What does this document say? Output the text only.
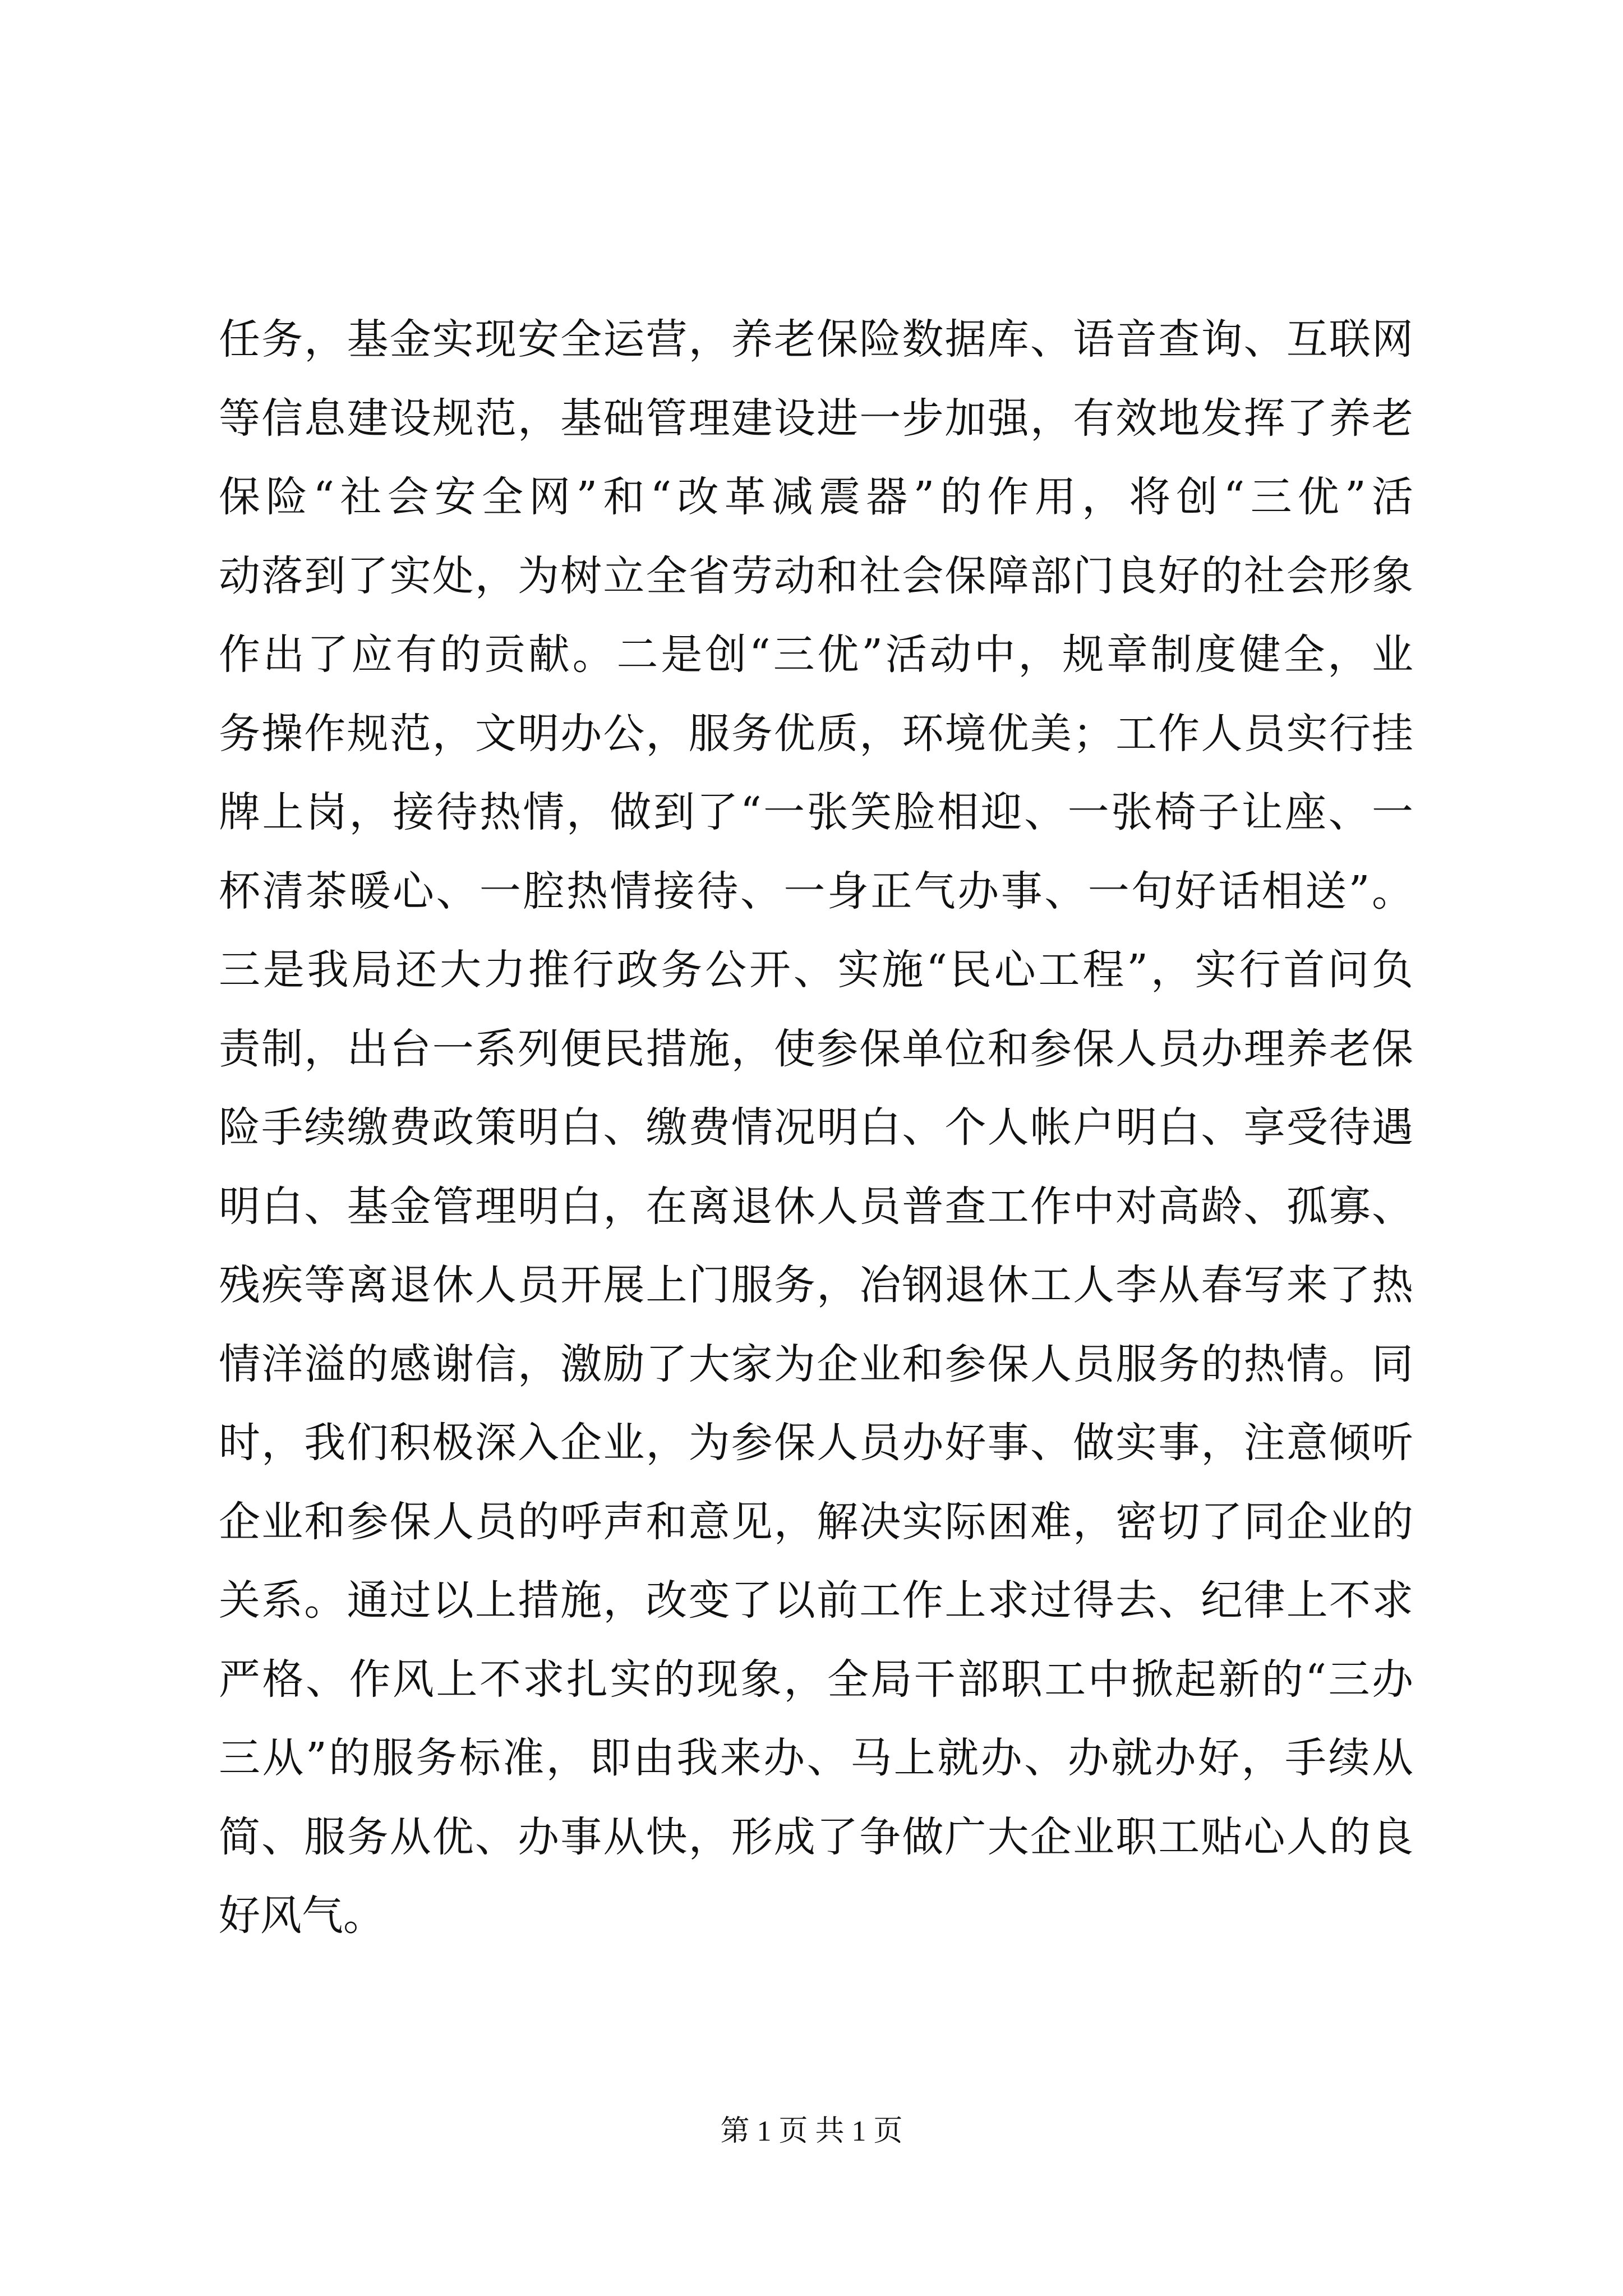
任务，基金实现安全运营，养老保险数据库、语音查询、互联网
等信息建设规范，基础管理建设进一步加强，有效地发挥了养老
保险“社会安全网”和“改革减震器”的作用，将创“三优”活
动落到了实处，为树立全省劳动和社会保障部门良好的社会形象
作出了应有的贡献。二是创“三优”活动中，规章制度健全，业
务操作规范，文明办公，服务优质，环境优美；工作人员实行挂
牌上岗，接待热情，做到了“一张笑脸相迎、一张椅子让座、一
杯清茶暖心、一腔热情接待、一身正气办事、一句好话相送”。
三是我局还大力推行政务公开、实施“民心工程”，实行首问负
责制，出台一系列便民措施，使参保单位和参保人员办理养老保
险手续缴费政策明白、缴费情况明白、个人帐户明白、享受待遇
明白、基金管理明白，在离退休人员普查工作中对高龄、孤寡、
残疾等离退休人员开展上门服务，冶钢退休工人李从春写来了热
情洋溢的感谢信，激励了大家为企业和参保人员服务的热情。同
时，我们积极深入企业，为参保人员办好事、做实事，注意倾听
企业和参保人员的呼声和意见，解决实际困难，密切了同企业的
关系。通过以上措施，改变了以前工作上求过得去、纪律上不求
严格、作风上不求扎实的现象，全局干部职工中掀起新的“三办
三从”的服务标准，即由我来办、马上就办、办就办好，手续从
简、服务从优、办事从快，形成了争做广大企业职工贴心人的良
好风气。
第 1 页 共 1 页
